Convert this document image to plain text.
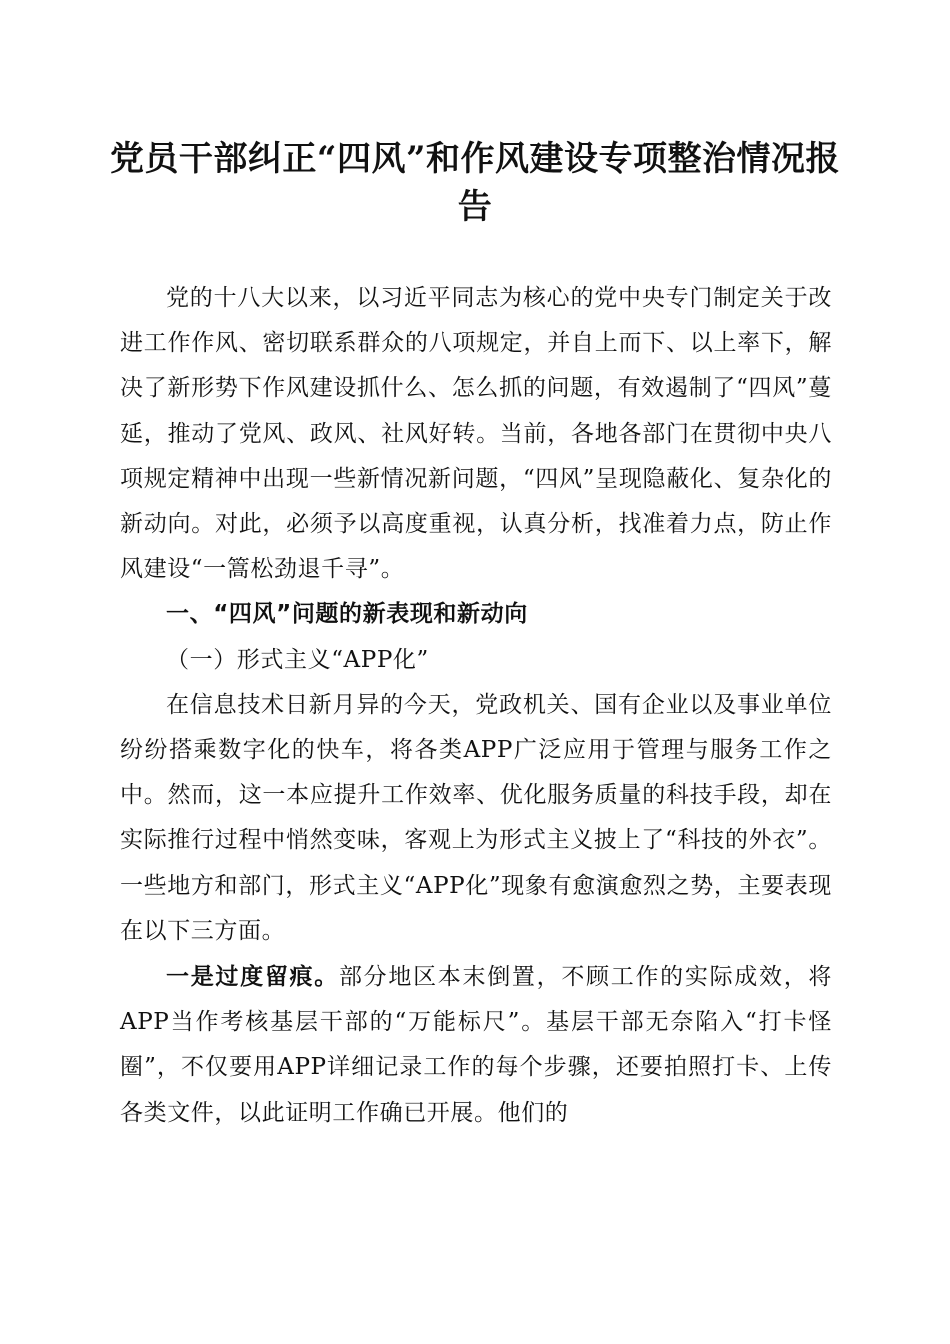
党员干部纠正“四风”和作风建设专项整治情况报告

党的十八大以来，以习近平同志为核心的党中央专门制定关于改进工作作风、密切联系群众的八项规定，并自上而下、以上率下，解决了新形势下作风建设抓什么、怎么抓的问题，有效遏制了“四风”蔓延，推动了党风、政风、社风好转。当前，各地各部门在贯彻中央八项规定精神中出现一些新情况新问题，“四风”呈现隐蔽化、复杂化的新动向。对此，必须予以高度重视，认真分析，找准着力点，防止作风建设“一篙松劲退千寻”。

一、“四风”问题的新表现和新动向

（一）形式主义“APP化”

在信息技术日新月异的今天，党政机关、国有企业以及事业单位纷纷搭乘数字化的快车，将各类APP广泛应用于管理与服务工作之中。然而，这一本应提升工作效率、优化服务质量的科技手段，却在实际推行过程中悄然变味，客观上为形式主义披上了“科技的外衣”。一些地方和部门，形式主义“APP化”现象有愈演愈烈之势，主要表现在以下三方面。

一是过度留痕。部分地区本末倒置，不顾工作的实际成效，将APP当作考核基层干部的“万能标尺”。基层干部无奈陷入“打卡怪圈”，不仅要用APP详细记录工作的每个步骤，还要拍照打卡、上传各类文件，以此证明工作确已开展。他们的
